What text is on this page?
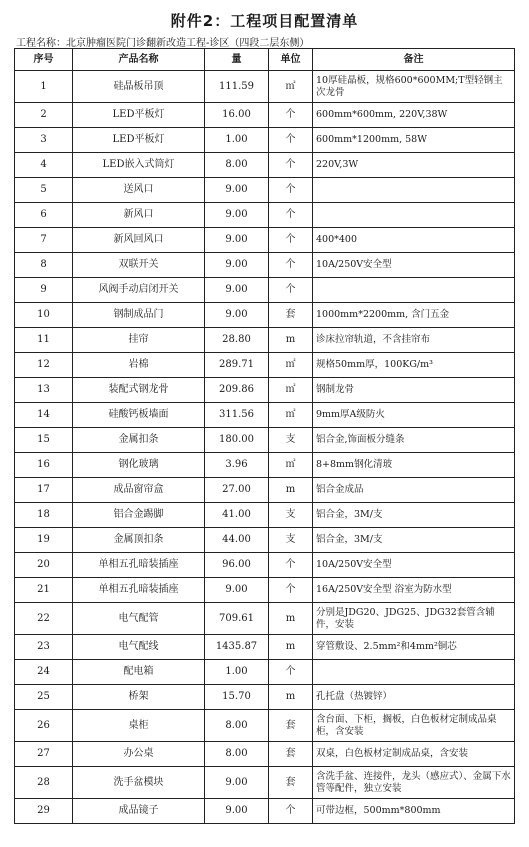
附件2：工程项目配置清单
工程名称：北京肿瘤医院门诊翻新改造工程-诊区（四段二层东侧）
序号	产品名称	量	单位	备注
1	硅晶板吊顶	111.59	㎡	10厚硅晶板，规格600*600MM;T型轻钢主次龙骨
2	LED平板灯	16.00	个	600mm*600mm, 220V,38W
3	LED平板灯	1.00	个	600mm*1200mm, 58W
4	LED嵌入式筒灯	8.00	个	220V,3W
5	送风口	9.00	个	
6	新风口	9.00	个	
7	新风回风口	9.00	个	400*400
8	双联开关	9.00	个	10A/250V安全型
9	风阀手动启闭开关	9.00	个	
10	钢制成品门	9.00	套	1000mm*2200mm, 含门五金
11	挂帘	28.80	m	诊床拉帘轨道，不含挂帘布
12	岩棉	289.71	㎡	规格50mm厚，100KG/m³
13	装配式钢龙骨	209.86	㎡	钢制龙骨
14	硅酸钙板墙面	311.56	㎡	9mm厚A级防火
15	金属扣条	180.00	支	铝合金,饰面板分缝条
16	钢化玻璃	3.96	㎡	8+8mm钢化清玻
17	成品窗帘盒	27.00	m	铝合金成品
18	铝合金踢脚	41.00	支	铝合金，3M/支
19	金属顶扣条	44.00	支	铝合金，3M/支
20	单相五孔暗装插座	96.00	个	10A/250V安全型
21	单相五孔暗装插座	9.00	个	16A/250V安全型 浴室为防水型
22	电气配管	709.61	m	分别是JDG20、JDG25、JDG32套管含辅件，安装
23	电气配线	1435.87	m	穿管敷设、2.5mm²和4mm²铜芯
24	配电箱	1.00	个	
25	桥架	15.70	m	孔托盘（热镀锌）
26	桌柜	8.00	套	含台面、下柜，搁板，白色板材定制成品桌柜，含安装
27	办公桌	8.00	套	双桌，白色板材定制成品桌，含安装
28	洗手盆模块	9.00	套	含洗手盆、连接件，龙头（感应式）、金属下水管等配件，独立安装
29	成品镜子	9.00	个	可带边框，500mm*800mm
